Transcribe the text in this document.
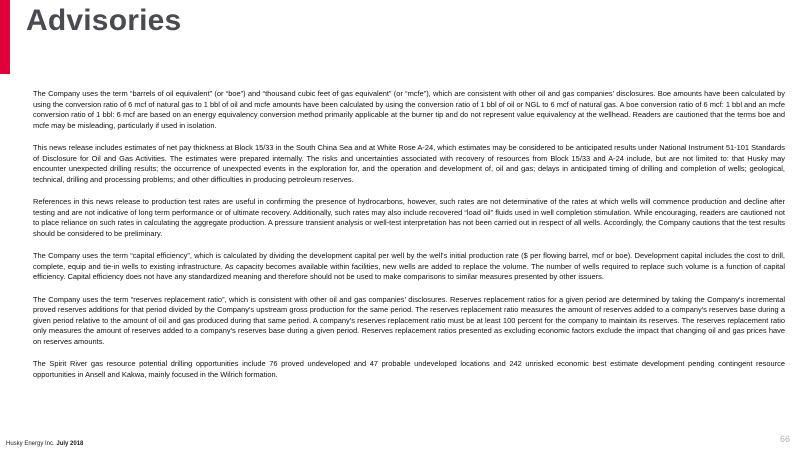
Advisories

The Company uses the term “barrels of oil equivalent” (or “boe”) and “thousand cubic feet of gas equivalent” (or “mcfe”), which are consistent with other oil and gas companies’ disclosures. Boe amounts have been calculated by using the conversion ratio of 6 mcf of natural gas to 1 bbl of oil and mcfe amounts have been calculated by using the conversion ratio of 1 bbl of oil or NGL to 6 mcf of natural gas. A boe conversion ratio of 6 mcf: 1 bbl and an mcfe conversion ratio of 1 bbl: 6 mcf are based on an energy equivalency conversion method primarily applicable at the burner tip and do not represent value equivalency at the wellhead. Readers are cautioned that the terms boe and mcfe may be misleading, particularly if used in isolation.

This news release includes estimates of net pay thickness at Block 15/33 in the South China Sea and at White Rose A-24, which estimates may be considered to be anticipated results under National Instrument 51-101 Standards of Disclosure for Oil and Gas Activities. The estimates were prepared internally. The risks and uncertainties associated with recovery of resources from Block 15/33 and A-24 include, but are not limited to: that Husky may encounter unexpected drilling results; the occurrence of unexpected events in the exploration for, and the operation and development of, oil and gas; delays in anticipated timing of drilling and completion of wells; geological, technical, drilling and processing problems; and other difficulties in producing petroleum reserves.

References in this news release to production test rates are useful in confirming the presence of hydrocarbons, however, such rates are not determinative of the rates at which wells will commence production and decline after testing and are not indicative of long term performance or of ultimate recovery. Additionally, such rates may also include recovered “load oil” fluids used in well completion stimulation. While encouraging, readers are cautioned not to place reliance on such rates in calculating the aggregate production. A pressure transient analysis or well-test interpretation has not been carried out in respect of all wells. Accordingly, the Company cautions that the test results should be considered to be preliminary.

The Company uses the term “capital efficiency”, which is calculated by dividing the development capital per well by the well's initial production rate ($ per flowing barrel, mcf or boe). Development capital includes the cost to drill, complete, equip and tie-in wells to existing infrastructure. As capacity becomes available within facilities, new wells are added to replace the volume. The number of wells required to replace such volume is a function of capital efficiency. Capital efficiency does not have any standardized meaning and therefore should not be used to make comparisons to similar measures presented by other issuers.

The Company uses the term “reserves replacement ratio”, which is consistent with other oil and gas companies’ disclosures. Reserves replacement ratios for a given period are determined by taking the Company's incremental proved reserves additions for that period divided by the Company's upstream gross production for the same period. The reserves replacement ratio measures the amount of reserves added to a company's reserves base during a given period relative to the amount of oil and gas produced during that same period. A company's reserves replacement ratio must be at least 100 percent for the company to maintain its reserves. The reserves replacement ratio only measures the amount of reserves added to a company's reserves base during a given period. Reserves replacement ratios presented as excluding economic factors exclude the impact that changing oil and gas prices have on reserves amounts.

The Spirit River gas resource potential drilling opportunities include 76 proved undeveloped and 47 probable undeveloped locations and 242 unrisked economic best estimate development pending contingent resource opportunities in Ansell and Kakwa, mainly focused in the Wilrich formation.

Husky Energy Inc. July 2018	66
